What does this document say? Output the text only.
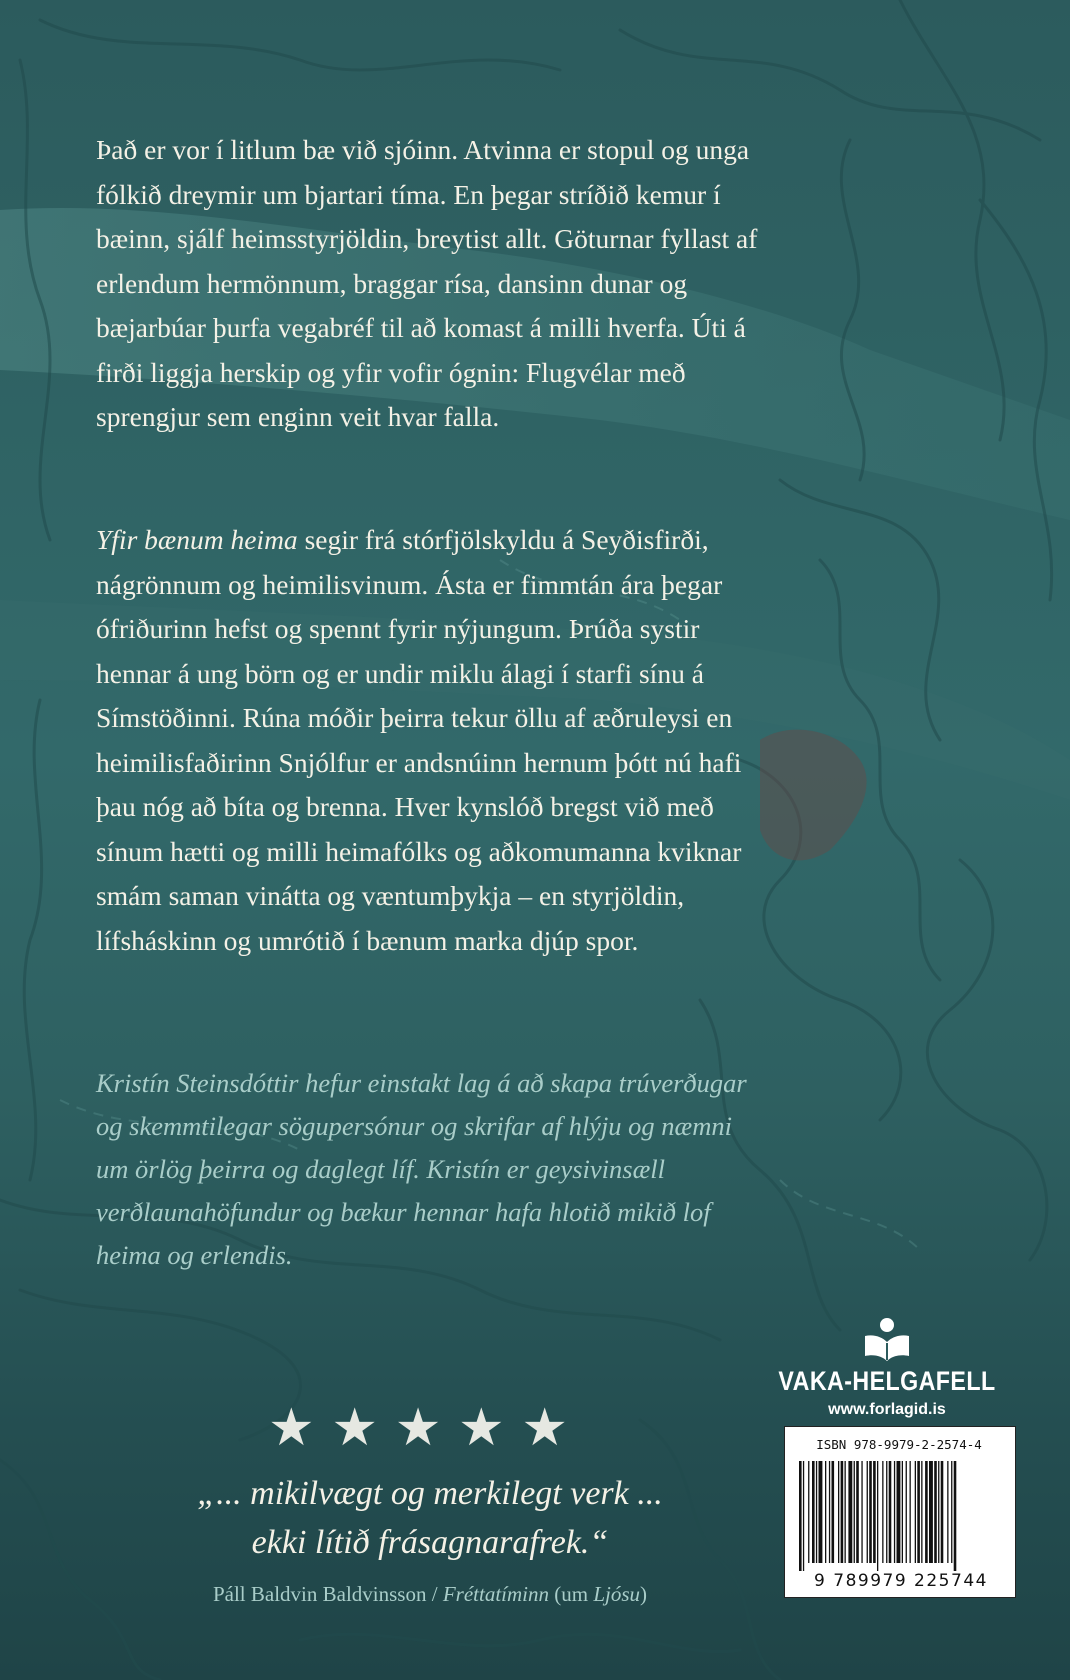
Það er vor í litlum bæ við sjóinn. Atvinna er stopul og unga fólkið dreymir um bjartari tíma. En þegar stríðið kemur í bæinn, sjálf heimsstyrjöldin, breytist allt. Göturnar fyllast af erlendum hermönnum, braggar rísa, dansinn dunar og bæjarbúar þurfa vegabréf til að komast á milli hverfa. Úti á firði liggja herskip og yfir vofir ógnin: Flugvélar með sprengjur sem enginn veit hvar falla.

Yfir bænum heima segir frá stórfjölskyldu á Seyðisfirði, nágrönnum og heimilisvinum. Ásta er fimmtán ára þegar ófriðurinn hefst og spennt fyrir nýjungum. Þrúða systir hennar á ung börn og er undir miklu álagi í starfi sínu á Símstöðinni. Rúna móðir þeirra tekur öllu af æðruleysi en heimilisfaðirinn Snjólfur er andsnúinn hernum þótt nú hafi þau nóg að bíta og brenna. Hver kynslóð bregst við með sínum hætti og milli heimafólks og aðkomumanna kviknar smám saman vinátta og væntumþykja – en styrjöldin, lífsháskinn og umrótið í bænum marka djúp spor.

Kristín Steinsdóttir hefur einstakt lag á að skapa trúverðugar og skemmtilegar sögupersónur og skrifar af hlýju og næmni um örlög þeirra og daglegt líf. Kristín er geysivinsæll verðlaunahöfundur og bækur hennar hafa hlotið mikið lof heima og erlendis.
★ ★ ★ ★ ★
„... mikilvægt og merkilegt verk ...
ekki lítið frásagnarafrek.“
Páll Baldvin Baldvinsson / Fréttatíminn (um Ljósu)
VAKA-HELGAFELL
www.forlagid.is
ISBN 978-9979-2-2574-4
9 789979 225744
